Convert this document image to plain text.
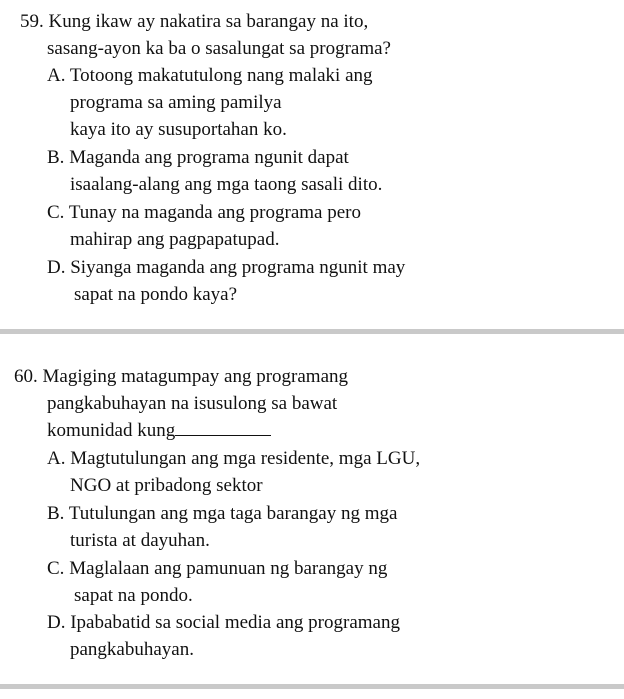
59. Kung ikaw ay nakatira sa barangay na ito,
sasang-ayon ka ba o sasalungat sa programa?
A. Totoong makatutulong nang malaki ang
programa sa aming pamilya
kaya ito ay susuportahan ko.
B. Maganda ang programa ngunit dapat
isaalang-alang ang mga taong sasali dito.
C. Tunay na maganda ang programa pero
mahirap ang pagpapatupad.
D. Siyanga maganda ang programa ngunit may
sapat na pondo kaya?
60. Magiging matagumpay ang programang
pangkabuhayan na isusulong sa bawat
komunidad kung
A. Magtutulungan ang mga residente, mga LGU,
NGO at pribadong sektor
B. Tutulungan ang mga taga barangay ng mga
turista at dayuhan.
C. Maglalaan ang pamunuan ng barangay ng
sapat na pondo.
D. Ipababatid sa social media ang programang
pangkabuhayan.
